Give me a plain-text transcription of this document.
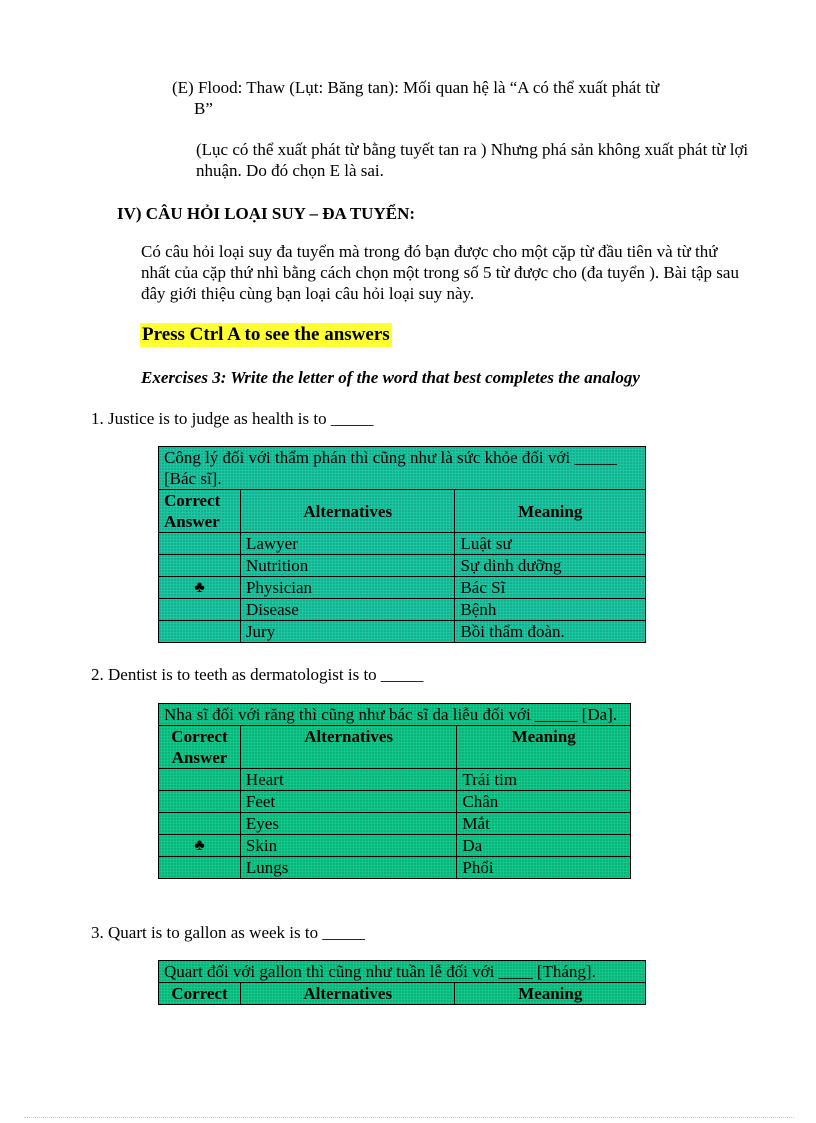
(E) Flood: Thaw (Lụt: Băng tan): Mối quan hệ là “A có thể xuất phát từ
B”
(Lục có thể xuất phát từ bằng tuyết tan ra ) Nhưng phá sản không xuất phát từ lợi nhuận. Do đó chọn E là sai.
IV) CÂU HỎI LOẠI SUY – ĐA TUYỂN:
Có câu hỏi loại suy đa tuyển mà trong đó bạn được cho một cặp từ đầu tiên và từ thứ nhất của cặp thứ nhì bằng cách chọn một trong số 5 từ được cho (đa tuyển ). Bài tập sau đây giới thiệu cùng bạn loại câu hỏi loại suy này.
Press Ctrl A to see the answers
Exercises 3: Write the letter of the word that best completes the analogy
1. Justice is to judge as health is to _____
Công lý đối với thẩm phán thì cũng như là sức khỏe đối với _____ [Bác sĩ].		
Correct
Answer	Alternatives	Meaning
	Lawyer	Luật sư
	Nutrition	Sự dinh dưỡng
♣	Physician	Bác Sĩ
	Disease	Bệnh
	Jury	Bồi thẩm đoàn.
2. Dentist is to teeth as dermatologist is to _____
Nha sĩ đối với răng thì cũng như bác sĩ da liễu đối với _____ [Da].		
Correct
Answer	Alternatives	Meaning
	Heart	Trái tim
	Feet	Chân
	Eyes	Mắt
♣	Skin	Da
	Lungs	Phổi
3. Quart is to gallon as week is to _____
Quart đối với gallon thì cũng như tuần lễ đối với ____ [Tháng].
Correct	Alternatives	Meaning
